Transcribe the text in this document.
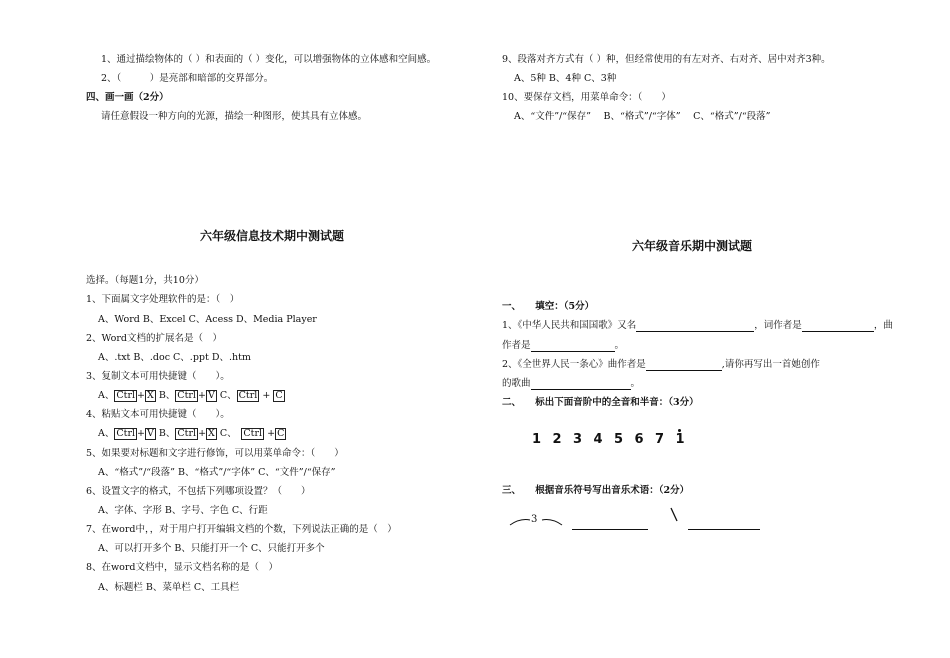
1、通过描绘物体的（ ）和表面的（ ）变化，可以增强物体的立体感和空间感。
2、（　　　）是亮部和暗部的交界部分。
四、画一画（2分）
请任意假设一种方向的光源，描绘一种图形，使其具有立体感。
9、段落对齐方式有（ ）种，但经常使用的有左对齐、右对齐、居中对齐3种。
A、5种 B、4种 C、3种
10、要保存文档，用菜单命令：（　　）
A、“文件”/“保存”　 B、“格式”/“字体”　 C、“格式”/“段落”
六年级信息技术期中测试题
选择。（每题1分，共10分）
1、下面属文字处理软件的是：（　）
A、Word B、Excel C、Acess D、Media Player
2、Word文档的扩展名是（　）
A、.txt B、.doc C、.ppt D、.htm
3、复制文本可用快捷键（　　）。
A、 Ctrl + X B、 Ctrl + V C、 Ctrl + C
4、粘贴文本可用快捷键（　　）。
A、 Ctrl + V B、 Ctrl + X C、　 Ctrl + C
5、如果要对标题和文字进行修饰，可以用菜单命令：（　　）
A、“格式”/“段落” B、“格式”/“字体” C、“文件”/“保存”
6、设置文字的格式，不包括下列哪项设置？（　　）
A、字体、字形 B、字号、字色 C、行距
7、在word中，，对于用户打开编辑文档的个数，下列说法正确的是（　）
A、可以打开多个 B、只能打开一个 C、只能打开多个
8、在word文档中，显示文档名称的是（　）
A、标题栏 B、菜单栏 C、工具栏
六年级音乐期中测试题
一、　　填空：（5分）
1、《中华人民共和国国歌》又名	，词作者是	，曲
作者是	。
2、《全世界人民一条心》曲作者是	,请你再写出一首她创作
的歌曲	。
二、　　标出下面音阶中的全音和半音：（3分）
1 2 3 4 5 6 7 1
三、　　根据音乐符号写出音乐术语：（2分）
3
